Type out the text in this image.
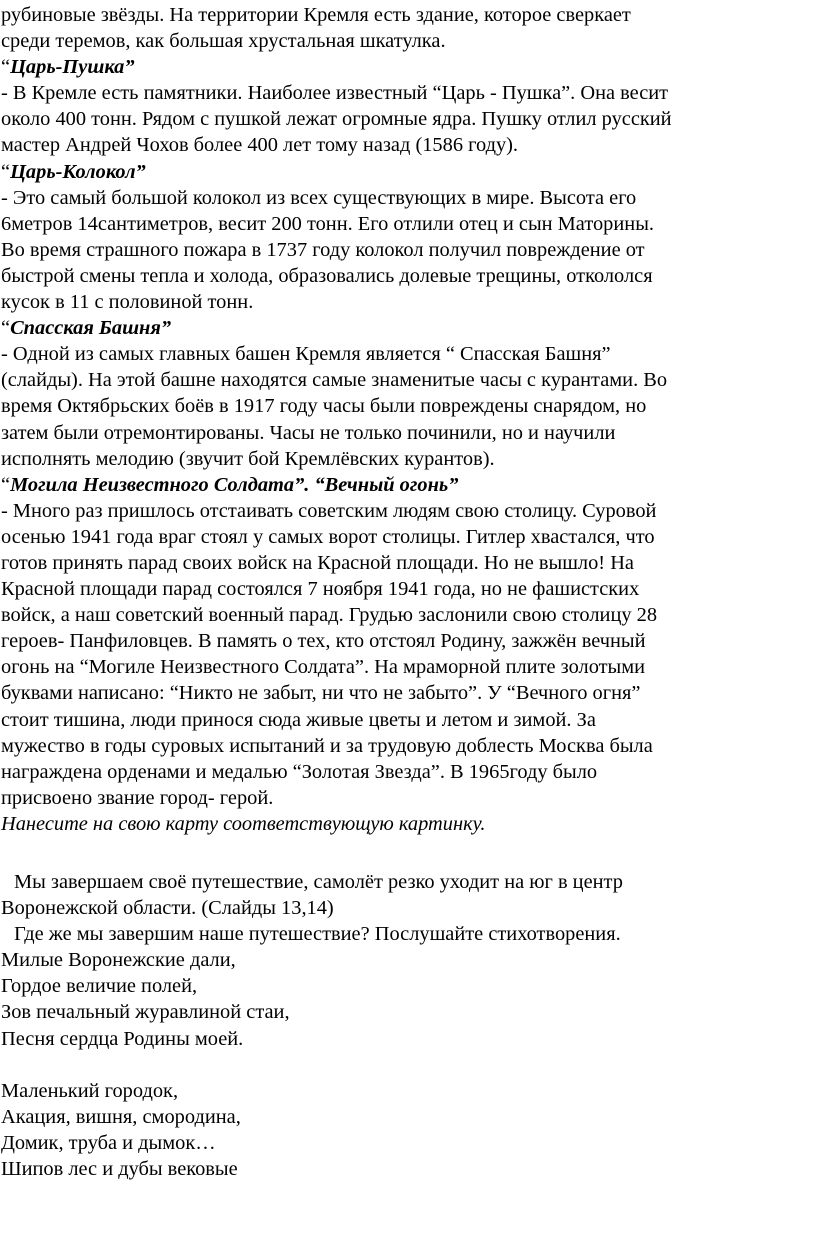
рубиновые звёзды. На территории Кремля есть здание, которое сверкает
среди теремов, как большая хрустальная шкатулка.
“Царь-Пушка”
- В Кремле есть памятники. Наиболее известный “Царь - Пушка”. Она весит
около 400 тонн. Рядом с пушкой лежат огромные ядра. Пушку отлил русский
мастер Андрей Чохов более 400 лет тому назад (1586 году).
“Царь-Колокол”
- Это самый большой колокол из всех существующих в мире. Высота его
6метров 14сантиметров, весит 200 тонн. Его отлили отец и сын Маторины.
Во время страшного пожара в 1737 году колокол получил повреждение от
быстрой смены тепла и холода, образовались долевые трещины, откололся
кусок в 11 с половиной тонн.
“Спасская Башня”
- Одной из самых главных башен Кремля является “ Спасская Башня”
(слайды). На этой башне находятся самые знаменитые часы с курантами. Во
время Октябрьских боёв в 1917 году часы были повреждены снарядом, но
затем были отремонтированы. Часы не только починили, но и научили
исполнять мелодию (звучит бой Кремлёвских курантов).
“Могила Неизвестного Солдата”. “Вечный огонь”
- Много раз пришлось отстаивать советским людям свою столицу. Суровой
осенью 1941 года враг стоял у самых ворот столицы. Гитлер хвастался, что
готов принять парад своих войск на Красной площади. Но не вышло! На
Красной площади парад состоялся 7 ноября 1941 года, но не фашистских
войск, а наш советский военный парад. Грудью заслонили свою столицу 28
героев- Панфиловцев. В память о тех, кто отстоял Родину, зажжён вечный
огонь на “Могиле Неизвестного Солдата”. На мраморной плите золотыми
буквами написано: “Никто не забыт, ни что не забыто”. У “Вечного огня”
стоит тишина, люди принося сюда живые цветы и летом и зимой. За
мужество в годы суровых испытаний и за трудовую доблесть Москва была
награждена орденами и медалью “Золотая Звезда”. В 1965году было
присвоено звание город- герой.
Нанесите на свою карту соответствующую картинку.
Мы завершаем своё путешествие, самолёт резко уходит на юг в центр
Воронежской области. (Слайды 13,14)
Где же мы завершим наше путешествие? Послушайте стихотворения.
Милые Воронежские дали,
Гордое величие полей,
Зов печальный журавлиной стаи,
Песня сердца Родины моей.
Маленький городок,
Акация, вишня, смородина,
Домик, труба и дымок…
Шипов лес и дубы вековые
